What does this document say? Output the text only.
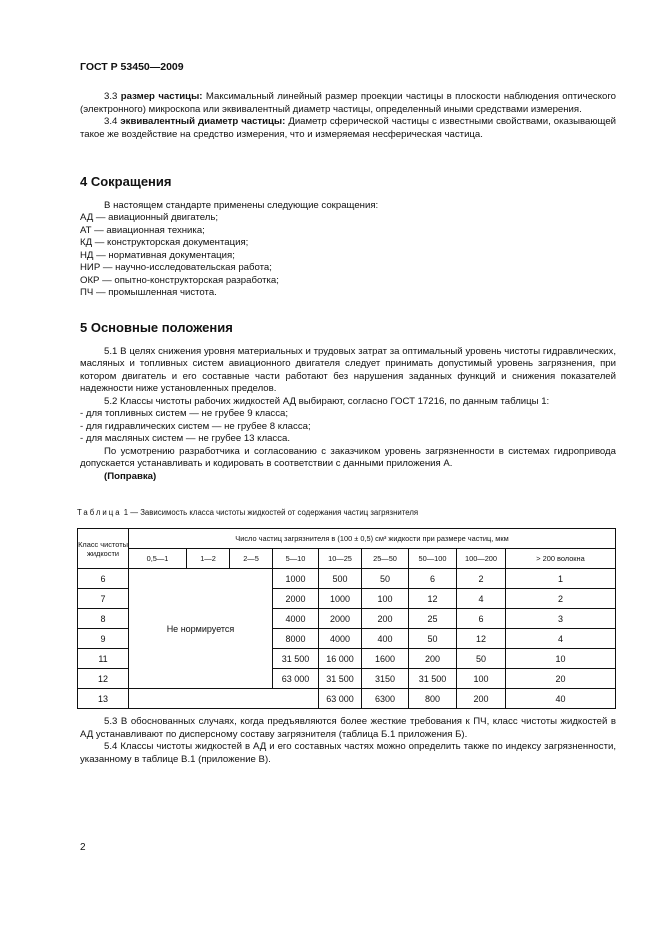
ГОСТ Р 53450—2009

3.3 размер частицы: Максимальный линейный размер проекции частицы в плоскости наблюдения оптического (электронного) микроскопа или эквивалентный диаметр частицы, определенный иными средствами измерения.

3.4 эквивалентный диаметр частицы: Диаметр сферической частицы с известными свойствами, оказывающей такое же воздействие на средство измерения, что и измеряемая несферическая частица.

4 Сокращения

В настоящем стандарте применены следующие сокращения:

АД — авиационный двигатель;

АТ — авиационная техника;

КД — конструкторская документация;

НД — нормативная документация;

НИР — научно-исследовательская работа;

ОКР — опытно-конструкторская разработка;

ПЧ — промышленная чистота.

5 Основные положения

5.1 В целях снижения уровня материальных и трудовых затрат за оптимальный уровень чистоты гидравлических, масляных и топливных систем авиационного двигателя следует принимать допустимый уровень загрязнения, при котором двигатель и его составные части работают без нарушения заданных функций и снижения показателей надежности ниже установленных пределов.

5.2 Классы чистоты рабочих жидкостей АД выбирают, согласно ГОСТ 17216, по данным таблицы 1:

- для топливных систем — не грубее 9 класса;

- для гидравлических систем — не грубее 8 класса;

- для масляных систем — не грубее 13 класса.

По усмотрению разработчика и согласованию с заказчиком уровень загрязненности в системах гидропривода допускается устанавливать и кодировать в соответствии с данными приложения А.

(Поправка)

Таблица 1 — Зависимость класса чистоты жидкостей от содержания частиц загрязнителя
Класс чистоты жидкости	Число частиц загрязнителя в (100 ± 0,5) см³ жидкости при размере частиц, мкм								
	0,5—1	1—2	2—5	5—10	10—25	25—50	50—100	100—200	> 200 волокна
6	Не нормируется			1000	500	50	6	2	1
7				2000	1000	100	12	4	2
8				4000	2000	200	25	6	3
9				8000	4000	400	50	12	4
11				31 500	16 000	1600	200	50	10
12				63 000	31 500	3150	31 500	100	20
13					63 000	6300	800	200	40

5.3 В обоснованных случаях, когда предъявляются более жесткие требования к ПЧ, класс чистоты жидкостей в АД устанавливают по дисперсному составу загрязнителя (таблица Б.1 приложения Б).

5.4 Классы чистоты жидкостей в АД и его составных частях можно определить также по индексу загрязненности, указанному в таблице В.1 (приложение В).

2
